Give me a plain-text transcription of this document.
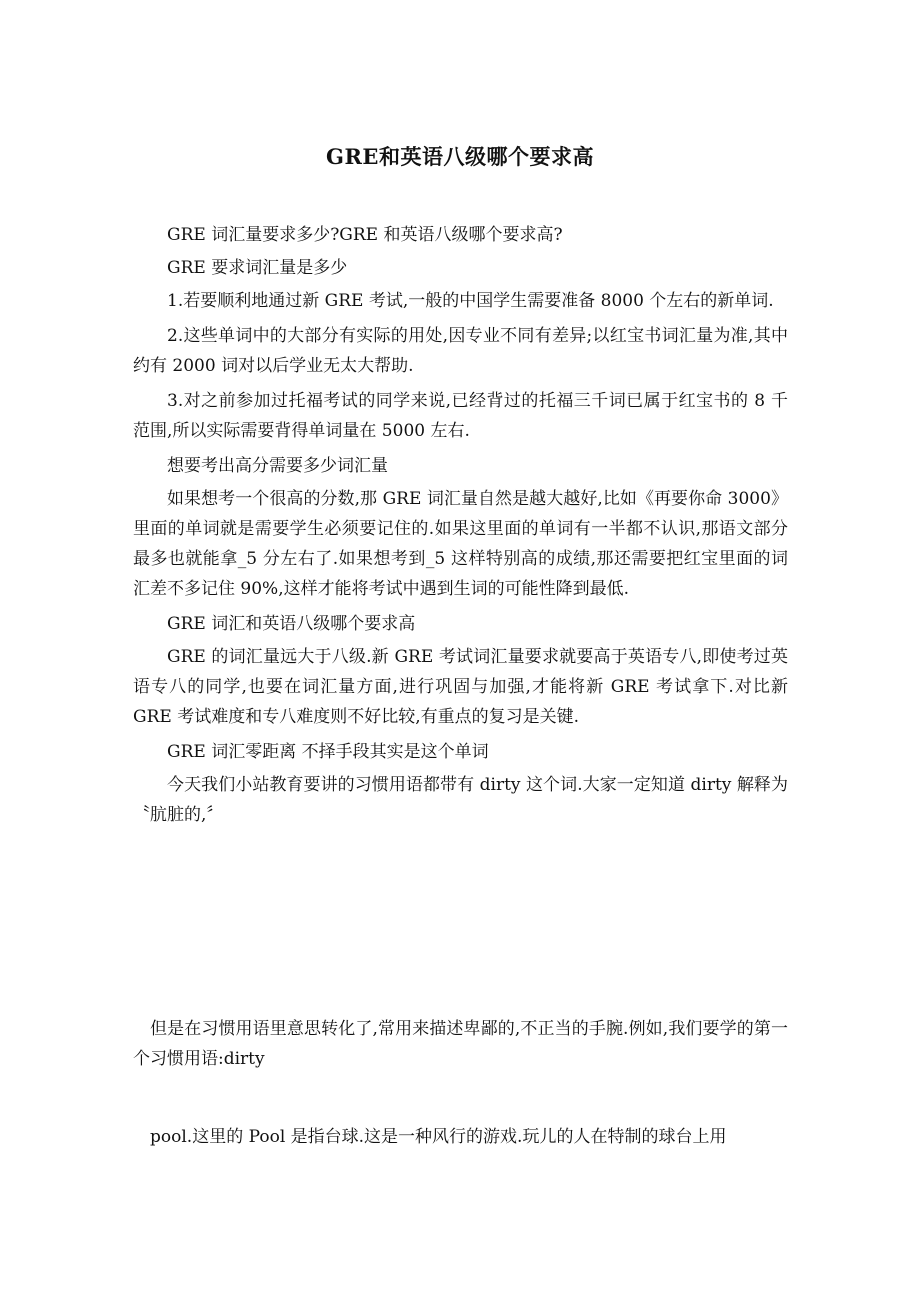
GRE和英语八级哪个要求高

GRE 词汇量要求多少?GRE 和英语八级哪个要求高?

GRE 要求词汇量是多少

1.若要顺利地通过新 GRE 考试,一般的中国学生需要准备 8000 个左右的新单词.

2.这些单词中的大部分有实际的用处,因专业不同有差异;以红宝书词汇量为准,其中约有 2000 词对以后学业无太大帮助.

3.对之前参加过托福考试的同学来说,已经背过的托福三千词已属于红宝书的 8 千范围,所以实际需要背得单词量在 5000 左右.

想要考出高分需要多少词汇量

如果想考一个很高的分数,那 GRE 词汇量自然是越大越好,比如《再要你命 3000》里面的单词就是需要学生必须要记住的.如果这里面的单词有一半都不认识,那语文部分最多也就能拿_5 分左右了.如果想考到_5 这样特别高的成绩,那还需要把红宝里面的词汇差不多记住 90%,这样才能将考试中遇到生词的可能性降到最低.

GRE 词汇和英语八级哪个要求高

GRE 的词汇量远大于八级.新 GRE 考试词汇量要求就要高于英语专八,即使考过英语专八的同学,也要在词汇量方面,进行巩固与加强,才能将新 GRE 考试拿下.对比新 GRE 考试难度和专八难度则不好比较,有重点的复习是关键.

GRE 词汇零距离 不择手段其实是这个单词

今天我们小站教育要讲的习惯用语都带有 dirty 这个词.大家一定知道 dirty 解释为〝肮脏的,〞

但是在习惯用语里意思转化了,常用来描述卑鄙的,不正当的手腕.例如,我们要学的第一个习惯用语:dirty
pool.这里的 Pool 是指台球.这是一种风行的游戏.玩儿的人在特制的球台上用
